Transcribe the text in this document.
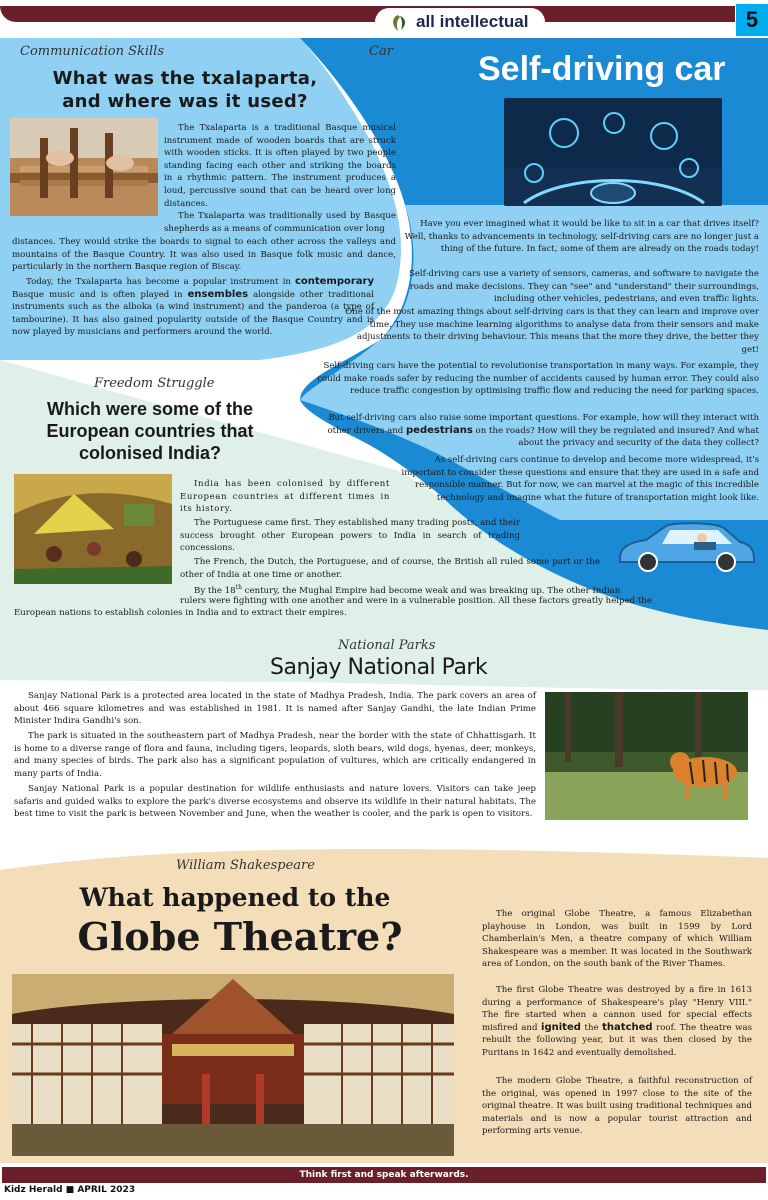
all intellectual	5
Communication Skills
What was the txalaparta,
and where was it used?

The Txalaparta is a traditional Basque musical instrument made of wooden boards that are struck with wooden sticks. It is often played by two people standing facing each other and striking the boards in a rhythmic pattern. The instrument produces a loud, percussive sound that can be heard over long distances.

The Txalaparta was traditionally used by Basque shepherds as a means of communication over long

distances. They would strike the boards to signal to each other across the valleys and mountains of the Basque Country. It was also used in Basque folk music and dance, particularly in the northern Basque region of Biscay.

Today, the Txalaparta has become a popular instrument in contemporary Basque music and is often played in ensembles alongside other traditional instruments such as the alboka (a wind instrument) and the panderoa (a type of tambourine). It has also gained popularity outside of the Basque Country and is now played by musicians and performers around the world.

Car	Self-driving car

Have you ever imagined what it would be like to sit in a car that drives itself? Well, thanks to advancements in technology, self-driving cars are no longer just a thing of the future. In fact, some of them are already on the roads today!

Self-driving cars use a variety of sensors, cameras, and software to navigate the roads and make decisions. They can "see" and "understand" their surroundings, including other vehicles, pedestrians, and even traffic lights.

One of the most amazing things about self-driving cars is that they can learn and improve over time. They use machine learning algorithms to analyse data from their sensors and make adjustments to their driving behaviour. This means that the more they drive, the better they get!

Self-driving cars have the potential to revolutionise transportation in many ways. For example, they could make roads safer by reducing the number of accidents caused by human error. They could also reduce traffic congestion by optimising traffic flow and reducing the need for parking spaces.

But self-driving cars also raise some important questions. For example, how will they interact with other drivers and pedestrians on the roads? How will they be regulated and insured? And what about the privacy and security of the data they collect?

As self-driving cars continue to develop and become more widespread, it's important to consider these questions and ensure that they are used in a safe and responsible manner. But for now, we can marvel at the magic of this incredible technology and imagine what the future of transportation might look like.

Freedom Struggle
Which were some of the
European countries that
colonised India?

India has been colonised by different European countries at different times in its history.

The Portuguese came first. They established many trading posts, and their success brought other European powers to India in search of trading concessions.

The French, the Dutch, the Portuguese, and of course, the British all ruled some part or the other of India at one time or another.

By the 18th century, the Mughal Empire had become weak and was breaking up. The other Indian

rulers were fighting with one another and were in a vulnerable position. All these factors greatly helped the

European nations to establish colonies in India and to extract their empires.

National Parks
Sanjay National Park

Sanjay National Park is a protected area located in the state of Madhya Pradesh, India. The park covers an area of about 466 square kilometres and was established in 1981. It is named after Sanjay Gandhi, the late Indian Prime Minister Indira Gandhi's son.

The park is situated in the southeastern part of Madhya Pradesh, near the border with the state of Chhattisgarh. It is home to a diverse range of flora and fauna, including tigers, leopards, sloth bears, wild dogs, hyenas, deer, monkeys, and many species of birds. The park also has a significant population of vultures, which are critically endangered in many parts of India.

Sanjay National Park is a popular destination for wildlife enthusiasts and nature lovers. Visitors can take jeep safaris and guided walks to explore the park's diverse ecosystems and observe its wildlife in their natural habitats. The best time to visit the park is between November and June, when the weather is cooler, and the park is open to visitors.

William Shakespeare
What happened to the
Globe Theatre?	The original Globe Theatre, a famous Elizabethan playhouse in London, was built in 1599 by Lord Chamberlain's Men, a theatre company of which William Shakespeare was a member. It was located in the Southwark area of London, on the south bank of the River Thames.

The first Globe Theatre was destroyed by a fire in 1613 during a performance of Shakespeare's play "Henry VIII." The fire started when a cannon used for special effects misfired and ignited the thatched roof. The theatre was rebuilt the following year, but it was then closed by the Puritans in 1642 and eventually demolished.

The modern Globe Theatre, a faithful reconstruction of the original, was opened in 1997 close to the site of the original theatre. It was built using traditional techniques and materials and is now a popular tourist attraction and performing arts venue.

Think first and speak afterwards.
Kidz Herald ■ APRIL 2023
